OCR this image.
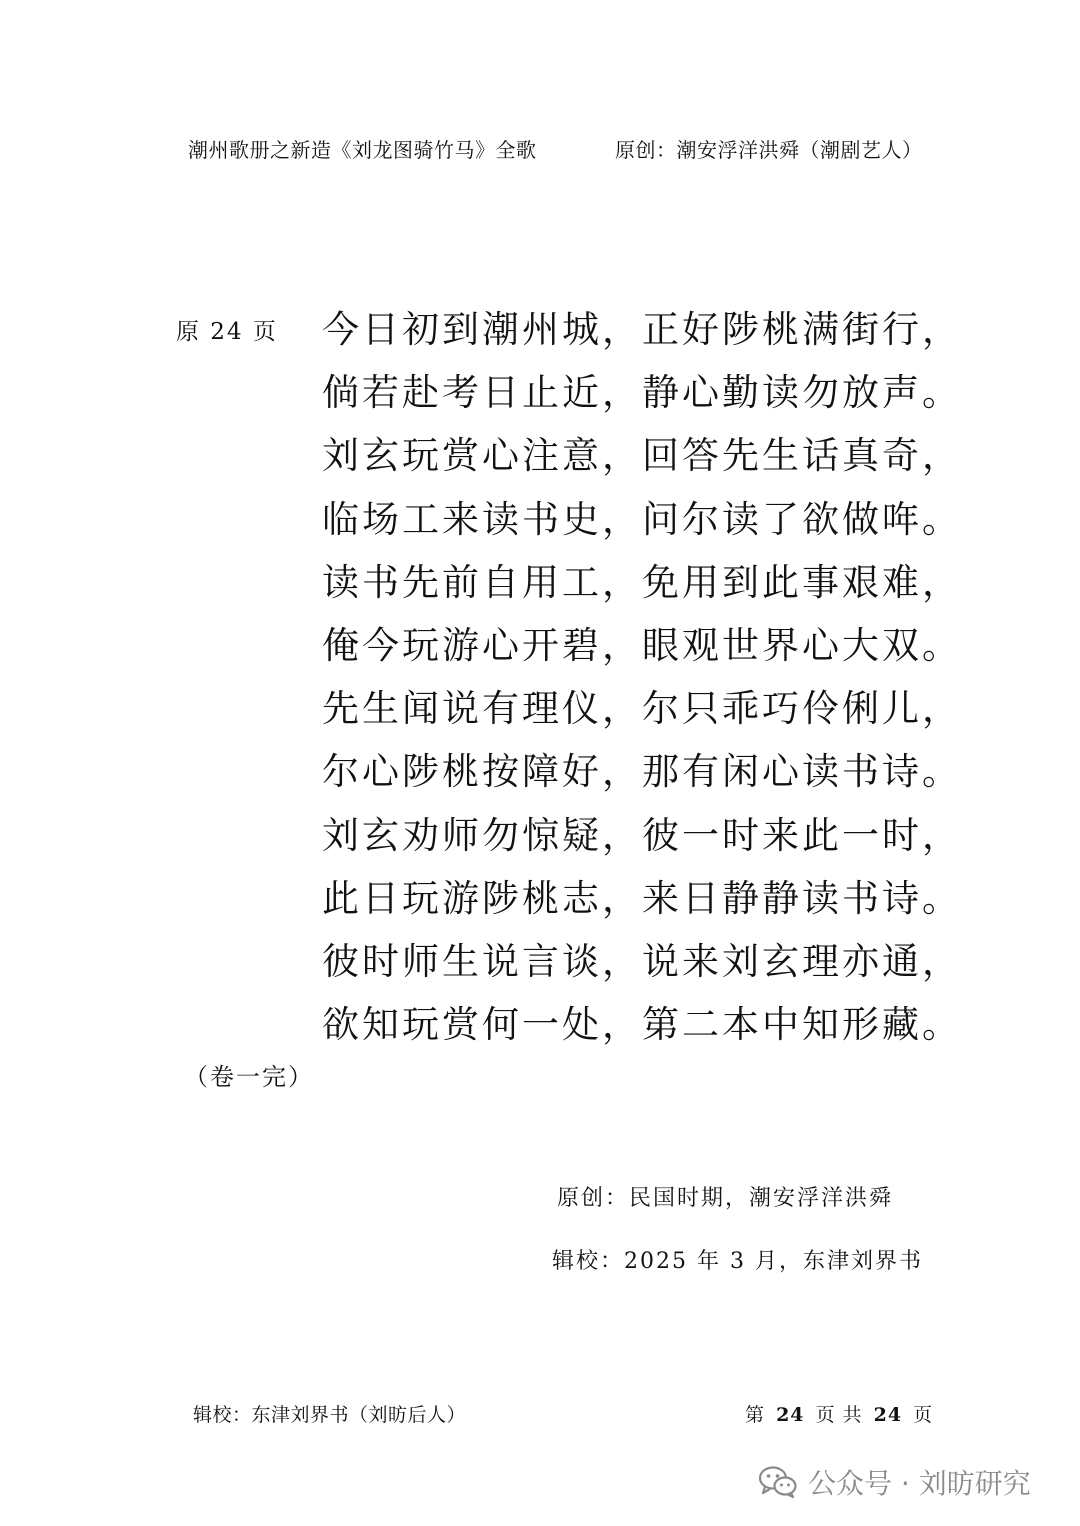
潮州歌册之新造《刘龙图骑竹马》全歌	原创：潮安浮洋洪舜（潮剧艺人）
原 24 页 今日初到潮州城，正好陟桃满街行，
倘若赴考日止近，静心勤读勿放声。
刘玄玩赏心注意，回答先生话真奇，
临场工来读书史，问尔读了欲做哖。
读书先前自用工，免用到此事艰难，
俺今玩游心开碧，眼观世界心大双。
先生闻说有理仪，尔只乖巧伶俐儿，
尔心陟桃按障好，那有闲心读书诗。
刘玄劝师勿惊疑，彼一时来此一时，
此日玩游陟桃志，来日静静读书诗。
彼时师生说言谈，说来刘玄理亦通，
欲知玩赏何一处，第二本中知形藏。
（卷一完）
原创：民国时期，潮安浮洋洪舜
辑校：2025 年 3 月，东津刘界书
辑校：东津刘界书（刘昉后人）	第 24 页 共 24 页
公众号 · 刘昉研究
